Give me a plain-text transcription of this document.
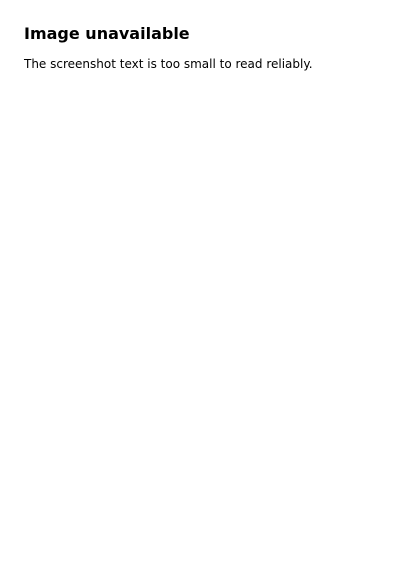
Image unavailable
The screenshot text is too small to read reliably.
